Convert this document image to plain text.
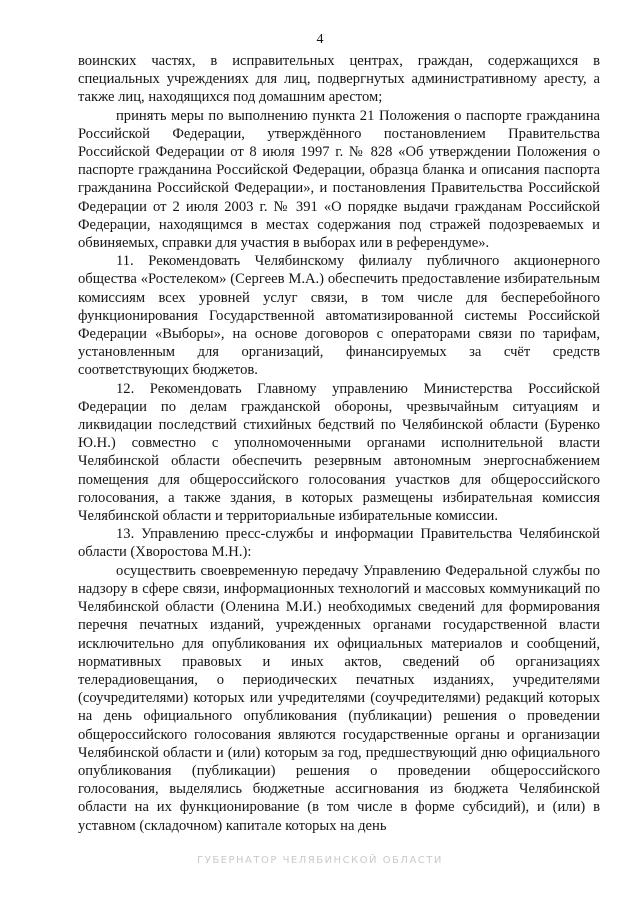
4

воинских частях, в исправительных центрах, граждан, содержащихся в специальных учреждениях для лиц, подвергнутых административному аресту, а также лиц, находящихся под домашним арестом;

принять меры по выполнению пункта 21 Положения о паспорте гражданина Российской Федерации, утверждённого постановлением Правительства Российской Федерации от 8 июля 1997 г. № 828 «Об утверждении Положения о паспорте гражданина Российской Федерации, образца бланка и описания паспорта гражданина Российской Федерации», и постановления Правительства Российской Федерации от 2 июля 2003 г. № 391 «О порядке выдачи гражданам Российской Федерации, находящимся в местах содержания под стражей подозреваемых и обвиняемых, справки для участия в выборах или в референдуме».

11. Рекомендовать Челябинскому филиалу публичного акционерного общества «Ростелеком» (Сергеев М.А.) обеспечить предоставление избирательным комиссиям всех уровней услуг связи, в том числе для бесперебойного функционирования Государственной автоматизированной системы Российской Федерации «Выборы», на основе договоров с операторами связи по тарифам, установленным для организаций, финансируемых за счёт средств соответствующих бюджетов.

12. Рекомендовать Главному управлению Министерства Российской Федерации по делам гражданской обороны, чрезвычайным ситуациям и ликвидации последствий стихийных бедствий по Челябинской области (Буренко Ю.Н.) совместно с уполномоченными органами исполнительной власти Челябинской области обеспечить резервным автономным энергоснабжением помещения для общероссийского голосования участков для общероссийского голосования, а также здания, в которых размещены избирательная комиссия Челябинской области и территориальные избирательные комиссии.

13. Управлению пресс-службы и информации Правительства Челябинской области (Хворостова М.Н.):

осуществить своевременную передачу Управлению Федеральной службы по надзору в сфере связи, информационных технологий и массовых коммуникаций по Челябинской области (Оленина М.И.) необходимых сведений для формирования перечня печатных изданий, учрежденных органами государственной власти исключительно для опубликования их официальных материалов и сообщений, нормативных правовых и иных актов, сведений об организациях телерадиовещания, о периодических печатных изданиях, учредителями (соучредителями) которых или учредителями (соучредителями) редакций которых на день официального опубликования (публикации) решения о проведении общероссийского голосования являются государственные органы и организации Челябинской области и (или) которым за год, предшествующий дню официального опубликования (публикации) решения о проведении общероссийского голосования, выделялись бюджетные ассигнования из бюджета Челябинской области на их функционирование (в том числе в форме субсидий), и (или) в уставном (складочном) капитале которых на день

ГУБЕРНАТОР ЧЕЛЯБИНСКОЙ ОБЛАСТИ
